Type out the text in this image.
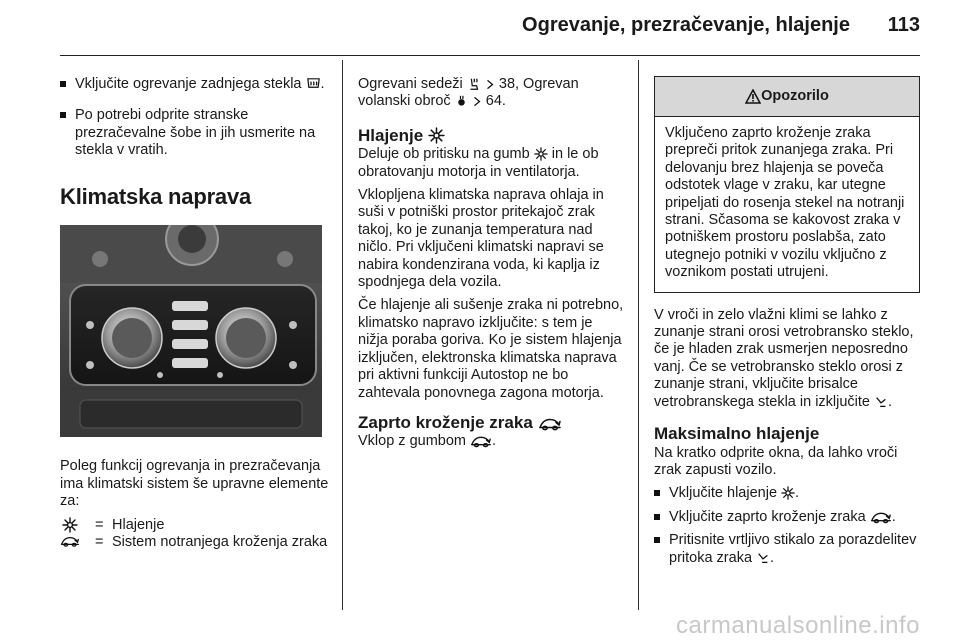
Ogrevanje, prezračevanje, hlajenje 113
Vključite ogrevanje zadnjega stekla .
Po potrebi odprite stranske prezračevalne šobe in jih usmerite na stekla v vratih.
Klimatska naprava
Poleg funkcij ogrevanja in prezračevanja ima klimatski sistem še upravne elemente za:
= Hlajenje
= Sistem notranjega kroženja zraka
Ogrevani sedeži 38, Ogrevan volanski obroč 64.
Hlajenje
Deluje ob pritisku na gumb in le ob obratovanju motorja in ventilatorja.
Vklopljena klimatska naprava ohlaja in suši v potniški prostor pritekajoč zrak takoj, ko je zunanja temperatura nad ničlo. Pri vključeni klimatski napravi se nabira kondenzirana voda, ki kaplja iz spodnjega dela vozila.
Če hlajenje ali sušenje zraka ni potrebno, klimatsko napravo izključite: s tem je nižja poraba goriva. Ko je sistem hlajenja izključen, elektronska klimatska naprava pri aktivni funkciji Autostop ne bo zahtevala ponovnega zagona motorja.
Zaprto kroženje zraka
Vklop z gumbom .
Opozorilo
Vključeno zaprto kroženje zraka prepreči pritok zunanjega zraka. Pri delovanju brez hlajenja se poveča odstotek vlage v zraku, kar utegne pripeljati do rosenja stekel na notranji strani. Sčasoma se kakovost zraka v potniškem prostoru poslabša, zato utegnejo potniki v vozilu vključno z voznikom postati utrujeni.
V vroči in zelo vlažni klimi se lahko z zunanje strani orosi vetrobransko steklo, če je hladen zrak usmerjen neposredno vanj. Če se vetrobransko steklo orosi z zunanje strani, vključite brisalce vetrobranskega stekla in izključite .
Maksimalno hlajenje
Na kratko odprite okna, da lahko vroči zrak zapusti vozilo.
Vključite hlajenje .
Vključite zaprto kroženje zraka .
Pritisnite vrtljivo stikalo za porazdelitev pritoka zraka .
carmanualsonline.info
